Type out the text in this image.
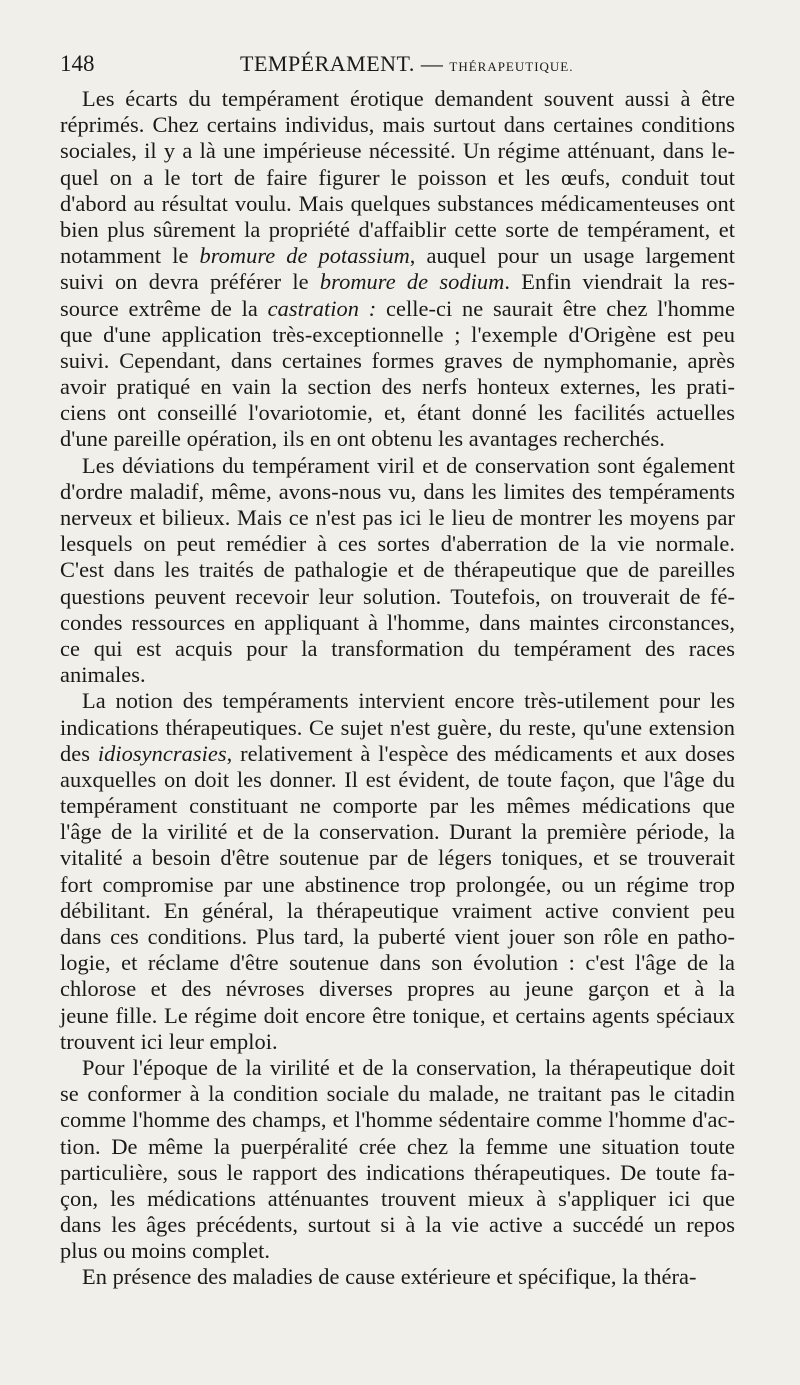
148	TEMPÉRAMENT. — THÉRAPEUTIQUE.
Les écarts du tempérament érotique demandent souvent aussi à être
réprimés. Chez certains individus, mais surtout dans certaines conditions
sociales, il y a là une impérieuse nécessité. Un régime atténuant, dans le-
quel on a le tort de faire figurer le poisson et les œufs, conduit tout
d'abord au résultat voulu. Mais quelques substances médicamenteuses ont
bien plus sûrement la propriété d'affaiblir cette sorte de tempérament, et
notamment le bromure de potassium, auquel pour un usage largement
suivi on devra préférer le bromure de sodium. Enfin viendrait la res-
source extrême de la castration : celle-ci ne saurait être chez l'homme
que d'une application très-exceptionnelle ; l'exemple d'Origène est peu
suivi. Cependant, dans certaines formes graves de nymphomanie, après
avoir pratiqué en vain la section des nerfs honteux externes, les prati-
ciens ont conseillé l'ovariotomie, et, étant donné les facilités actuelles
d'une pareille opération, ils en ont obtenu les avantages recherchés.
Les déviations du tempérament viril et de conservation sont également
d'ordre maladif, même, avons-nous vu, dans les limites des tempéraments
nerveux et bilieux. Mais ce n'est pas ici le lieu de montrer les moyens par
lesquels on peut remédier à ces sortes d'aberration de la vie normale.
C'est dans les traités de pathalogie et de thérapeutique que de pareilles
questions peuvent recevoir leur solution. Toutefois, on trouverait de fé-
condes ressources en appliquant à l'homme, dans maintes circonstances,
ce qui est acquis pour la transformation du tempérament des races
animales.
La notion des tempéraments intervient encore très-utilement pour les
indications thérapeutiques. Ce sujet n'est guère, du reste, qu'une extension
des idiosyncrasies, relativement à l'espèce des médicaments et aux doses
auxquelles on doit les donner. Il est évident, de toute façon, que l'âge du
tempérament constituant ne comporte par les mêmes médications que
l'âge de la virilité et de la conservation. Durant la première période, la
vitalité a besoin d'être soutenue par de légers toniques, et se trouverait
fort compromise par une abstinence trop prolongée, ou un régime trop
débilitant. En général, la thérapeutique vraiment active convient peu
dans ces conditions. Plus tard, la puberté vient jouer son rôle en patho-
logie, et réclame d'être soutenue dans son évolution : c'est l'âge de la
chlorose et des névroses diverses propres au jeune garçon et à la
jeune fille. Le régime doit encore être tonique, et certains agents spéciaux
trouvent ici leur emploi.
Pour l'époque de la virilité et de la conservation, la thérapeutique doit
se conformer à la condition sociale du malade, ne traitant pas le citadin
comme l'homme des champs, et l'homme sédentaire comme l'homme d'ac-
tion. De même la puerpéralité crée chez la femme une situation toute
particulière, sous le rapport des indications thérapeutiques. De toute fa-
çon, les médications atténuantes trouvent mieux à s'appliquer ici que
dans les âges précédents, surtout si à la vie active a succédé un repos
plus ou moins complet.
En présence des maladies de cause extérieure et spécifique, la théra-
